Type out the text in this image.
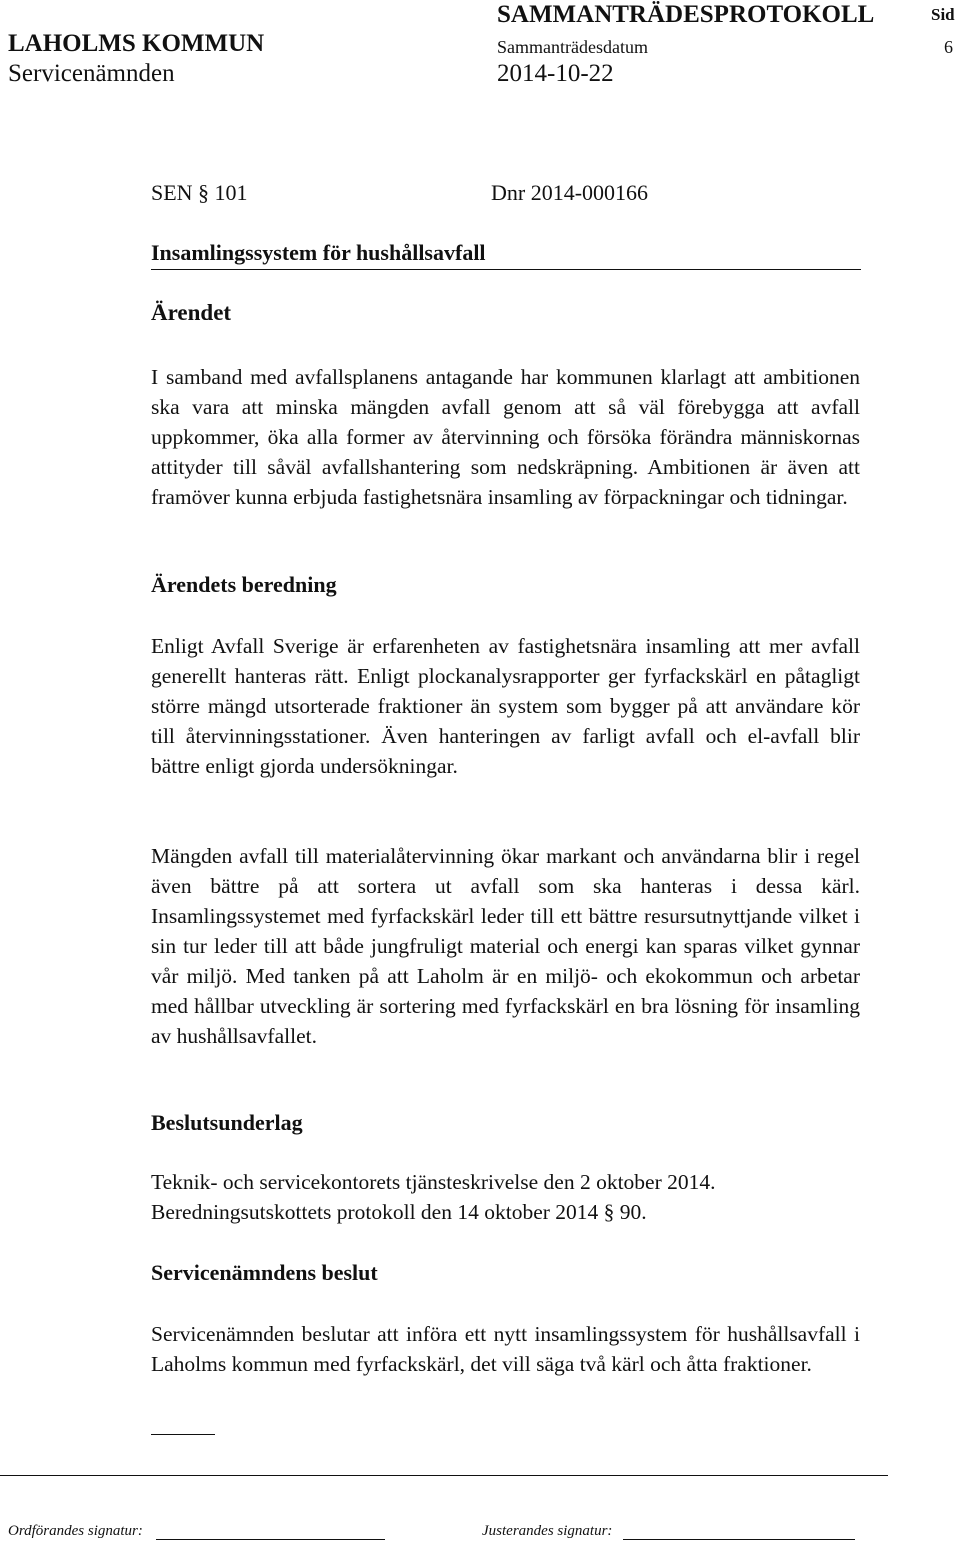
SAMMANTRÄDESPROTOKOLL	Sid
LAHOLMS KOMMUN	Sammanträdesdatum	6
Servicenämnden	2014-10-22
SEN § 101	Dnr 2014-000166
Insamlingssystem för hushållsavfall

Ärendet

I samband med avfallsplanens antagande har kommunen klarlagt att ambitionen ska vara att minska mängden avfall genom att så väl förebygga att avfall uppkommer, öka alla former av återvinning och försöka förändra människornas attityder till såväl avfallshantering som nedskräpning. Ambitionen är även att framöver kunna erbjuda fastighetsnära insamling av förpackningar och tidningar.

Ärendets beredning

Enligt Avfall Sverige är erfarenheten av fastighetsnära insamling att mer avfall generellt hanteras rätt. Enligt plockanalysrapporter ger fyrfackskärl en påtagligt större mängd utsorterade fraktioner än system som bygger på att användare kör till återvinningsstationer. Även hanteringen av farligt avfall och el-avfall blir bättre enligt gjorda undersökningar.

Mängden avfall till materialåtervinning ökar markant och användarna blir i regel även bättre på att sortera ut avfall som ska hanteras i dessa kärl. Insamlingssystemet med fyrfackskärl leder till ett bättre resursutnyttjande vilket i sin tur leder till att både jungfruligt material och energi kan sparas vilket gynnar vår miljö. Med tanken på att Laholm är en miljö- och ekokommun och arbetar med hållbar utveckling är sortering med fyrfackskärl en bra lösning för insamling av hushållsavfallet.

Beslutsunderlag

Teknik- och servicekontorets tjänsteskrivelse den 2 oktober 2014.

Beredningsutskottets protokoll den 14 oktober 2014 § 90.

Servicenämndens beslut

Servicenämnden beslutar att införa ett nytt insamlingssystem för hushållsavfall i Laholms kommun med fyrfackskärl, det vill säga två kärl och åtta fraktioner.

Ordförandes signatur:	Justerandes signatur:
